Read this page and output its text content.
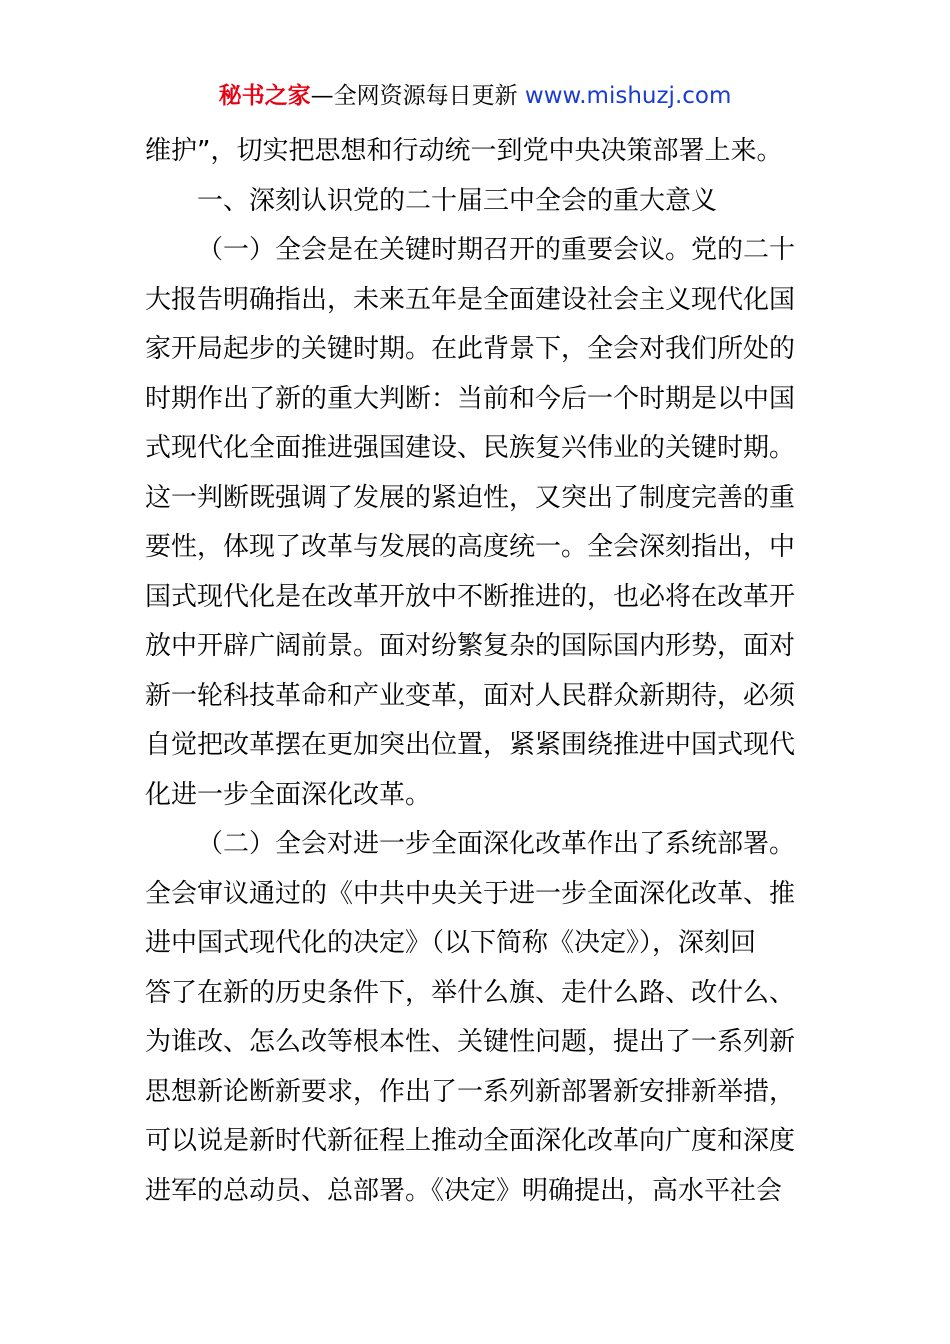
秘书之家—全网资源每日更新 www.mishuzj.com
维护”，切实把思想和行动统一到党中央决策部署上来。
一、深刻认识党的二十届三中全会的重大意义
（一）全会是在关键时期召开的重要会议。党的二十
大报告明确指出，未来五年是全面建设社会主义现代化国
家开局起步的关键时期。在此背景下，全会对我们所处的
时期作出了新的重大判断：当前和今后一个时期是以中国
式现代化全面推进强国建设、民族复兴伟业的关键时期。
这一判断既强调了发展的紧迫性，又突出了制度完善的重
要性，体现了改革与发展的高度统一。全会深刻指出，中
国式现代化是在改革开放中不断推进的，也必将在改革开
放中开辟广阔前景。面对纷繁复杂的国际国内形势，面对
新一轮科技革命和产业变革，面对人民群众新期待，必须
自觉把改革摆在更加突出位置，紧紧围绕推进中国式现代
化进一步全面深化改革。
（二）全会对进一步全面深化改革作出了系统部署。
全会审议通过的《中共中央关于进一步全面深化改革、推
进中国式现代化的决定》（以下简称《决定》），深刻回
答了在新的历史条件下，举什么旗、走什么路、改什么、
为谁改、怎么改等根本性、关键性问题，提出了一系列新
思想新论断新要求，作出了一系列新部署新安排新举措，
可以说是新时代新征程上推动全面深化改革向广度和深度
进军的总动员、总部署。《决定》明确提出，高水平社会
